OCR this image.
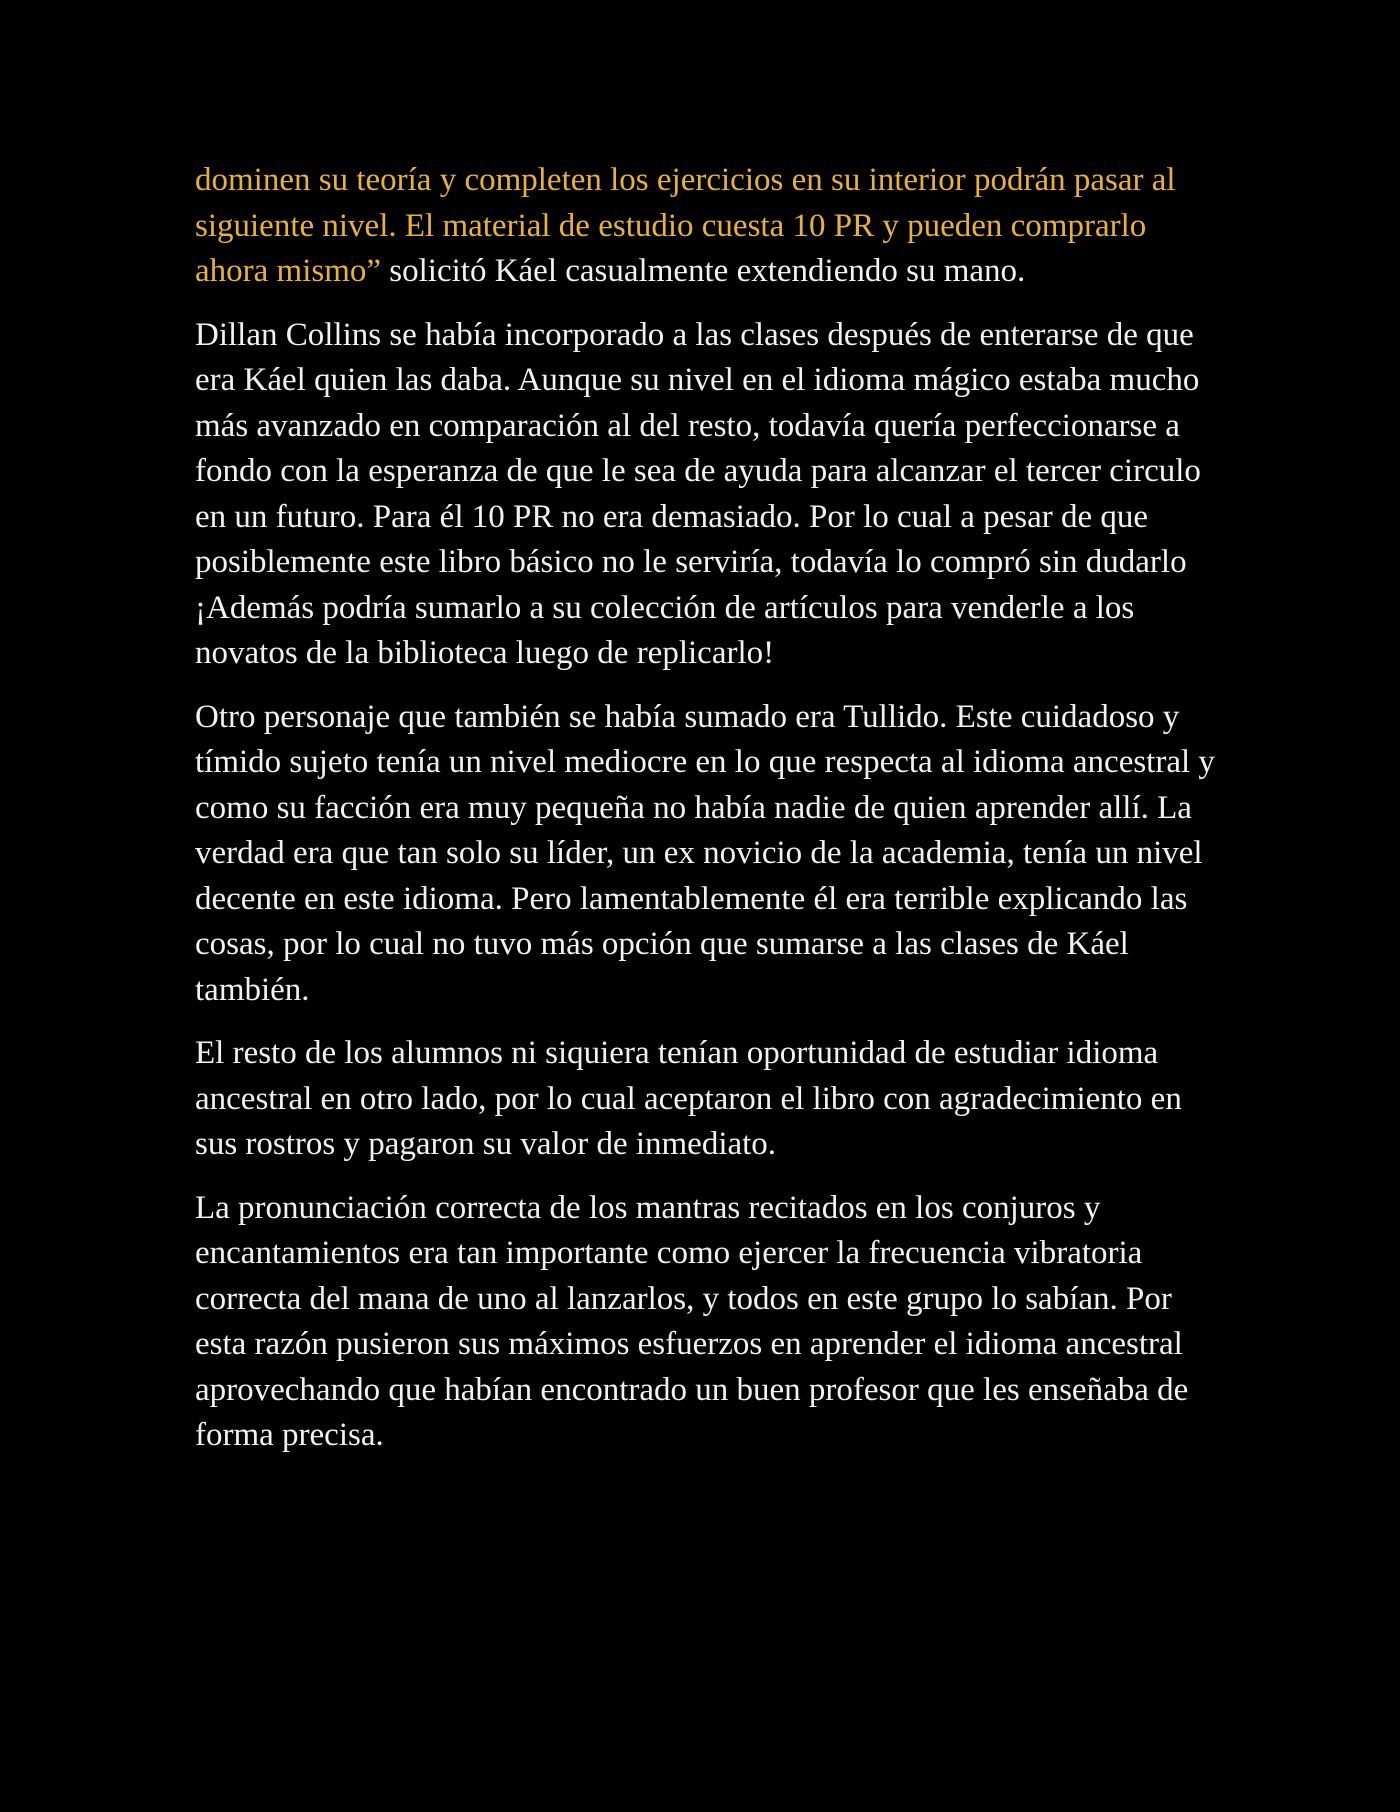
dominen su teoría y completen los ejercicios en su interior podrán pasar al siguiente nivel. El material de estudio cuesta 10 PR y pueden comprarlo ahora mismo” solicitó Káel casualmente extendiendo su mano.

Dillan Collins se había incorporado a las clases después de enterarse de que era Káel quien las daba. Aunque su nivel en el idioma mágico estaba mucho más avanzado en comparación al del resto, todavía quería perfeccionarse a fondo con la esperanza de que le sea de ayuda para alcanzar el tercer circulo en un futuro. Para él 10 PR no era demasiado. Por lo cual a pesar de que posiblemente este libro básico no le serviría, todavía lo compró sin dudarlo ¡Además podría sumarlo a su colección de artículos para venderle a los novatos de la biblioteca luego de replicarlo!

Otro personaje que también se había sumado era Tullido. Este cuidadoso y tímido sujeto tenía un nivel mediocre en lo que respecta al idioma ancestral y como su facción era muy pequeña no había nadie de quien aprender allí. La verdad era que tan solo su líder, un ex novicio de la academia, tenía un nivel decente en este idioma. Pero lamentablemente él era terrible explicando las cosas, por lo cual no tuvo más opción que sumarse a las clases de Káel también.

El resto de los alumnos ni siquiera tenían oportunidad de estudiar idioma ancestral en otro lado, por lo cual aceptaron el libro con agradecimiento en sus rostros y pagaron su valor de inmediato.

La pronunciación correcta de los mantras recitados en los conjuros y encantamientos era tan importante como ejercer la frecuencia vibratoria correcta del mana de uno al lanzarlos, y todos en este grupo lo sabían. Por esta razón pusieron sus máximos esfuerzos en aprender el idioma ancestral aprovechando que habían encontrado un buen profesor que les enseñaba de forma precisa.
